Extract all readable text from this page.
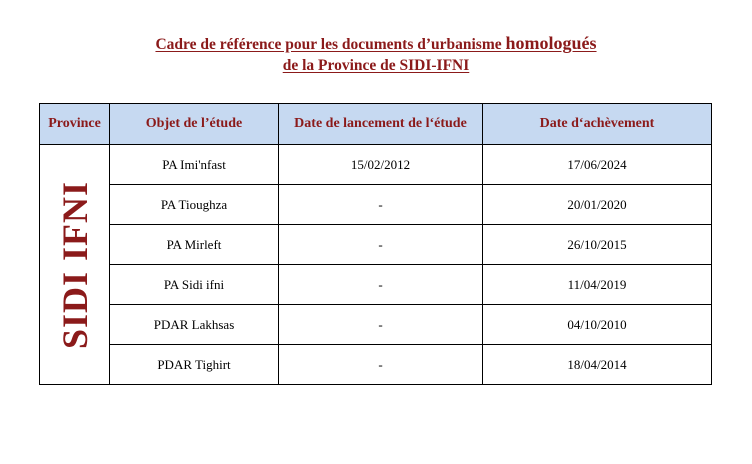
Cadre de référence pour les documents d’urbanisme homologués
de la Province de SIDI-IFNI
Province	Objet de l’étude	Date de lancement de l‘étude	Date d‘achèvement

SIDI IFNI	PA Imi'nfast	15/02/2012	17/06/2024
	PA Tioughza	-	20/01/2020
	PA Mirleft	-	26/10/2015
	PA Sidi ifni	-	11/04/2019
	PDAR Lakhsas	-	04/10/2010
	PDAR Tighirt	-	18/04/2014
